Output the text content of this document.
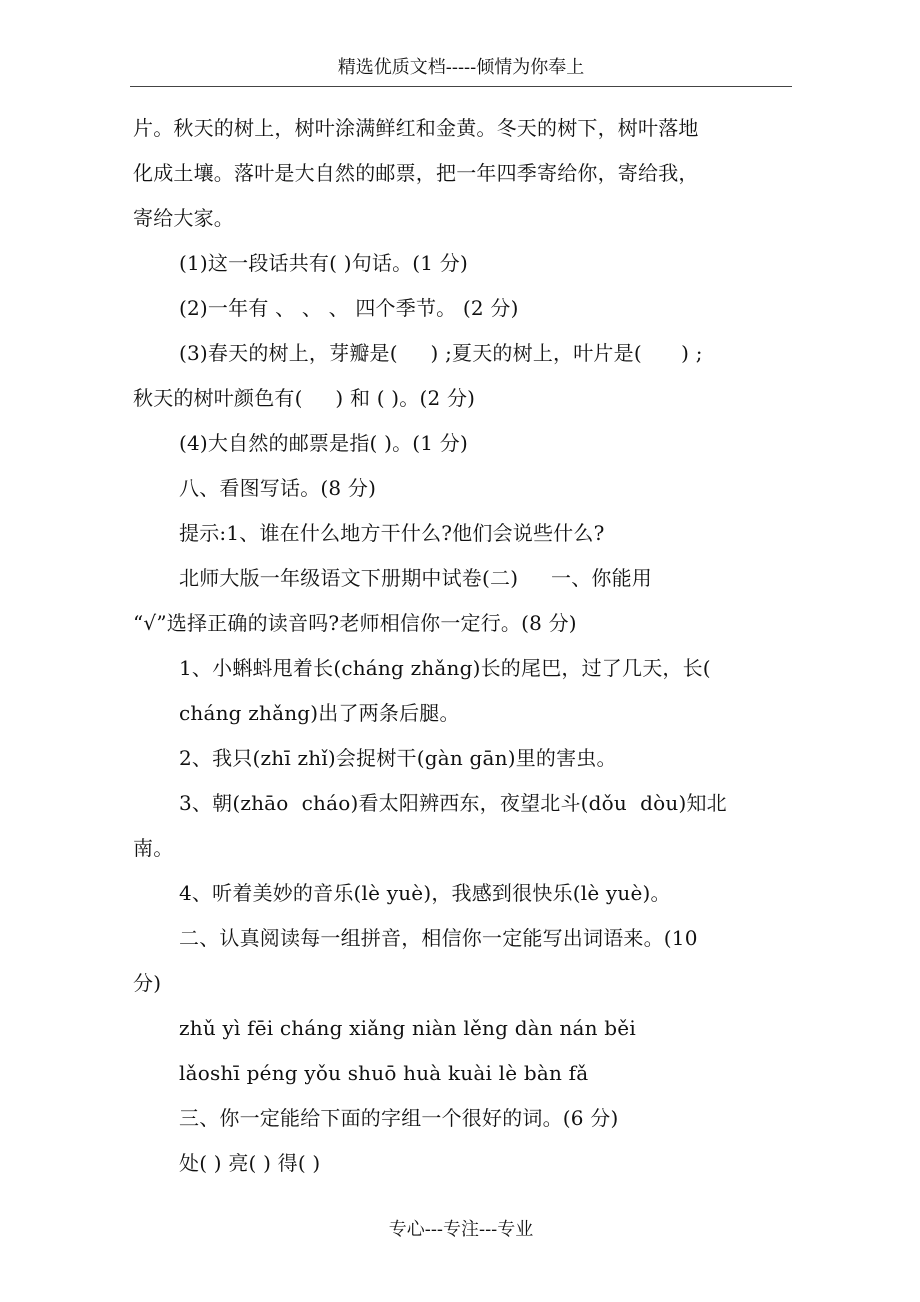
精选优质文档-----倾情为你奉上
片。秋天的树上，树叶涂满鲜红和金黄。冬天的树下，树叶落地
化成土壤。落叶是大自然的邮票，把一年四季寄给你，寄给我，
寄给大家。
(1)这一段话共有( )句话。(1 分)
(2)一年有 、 、 、 四个季节。 (2 分)
(3)春天的树上，芽瓣是(     ) ;夏天的树上，叶片是(      ) ;
秋天的树叶颜色有(     ) 和 ( )。(2 分)
(4)大自然的邮票是指( )。(1 分)
八、看图写话。(8 分)
提示:1、谁在什么地方干什么?他们会说些什么?
北师大版一年级语文下册期中试卷(二)     一、你能用
“√”选择正确的读音吗?老师相信你一定行。(8 分)
1、小蝌蚪甩着长(cháng zhǎng)长的尾巴，过了几天，长(
cháng zhǎng)出了两条后腿。
2、我只(zhī zhǐ)会捉树干(gàn gān)里的害虫。
3、朝(zhāo  cháo)看太阳辨西东，夜望北斗(dǒu  dòu)知北
南。
4、听着美妙的音乐(lè yuè)，我感到很快乐(lè yuè)。
二、认真阅读每一组拼音，相信你一定能写出词语来。(10
分)
zhǔ yì fēi cháng xiǎng niàn lěng dàn nán běi
lǎoshī péng yǒu shuō huà kuài lè bàn fǎ
三、你一定能给下面的字组一个很好的词。(6 分)
处( ) 亮( ) 得( )
专心---专注---专业
